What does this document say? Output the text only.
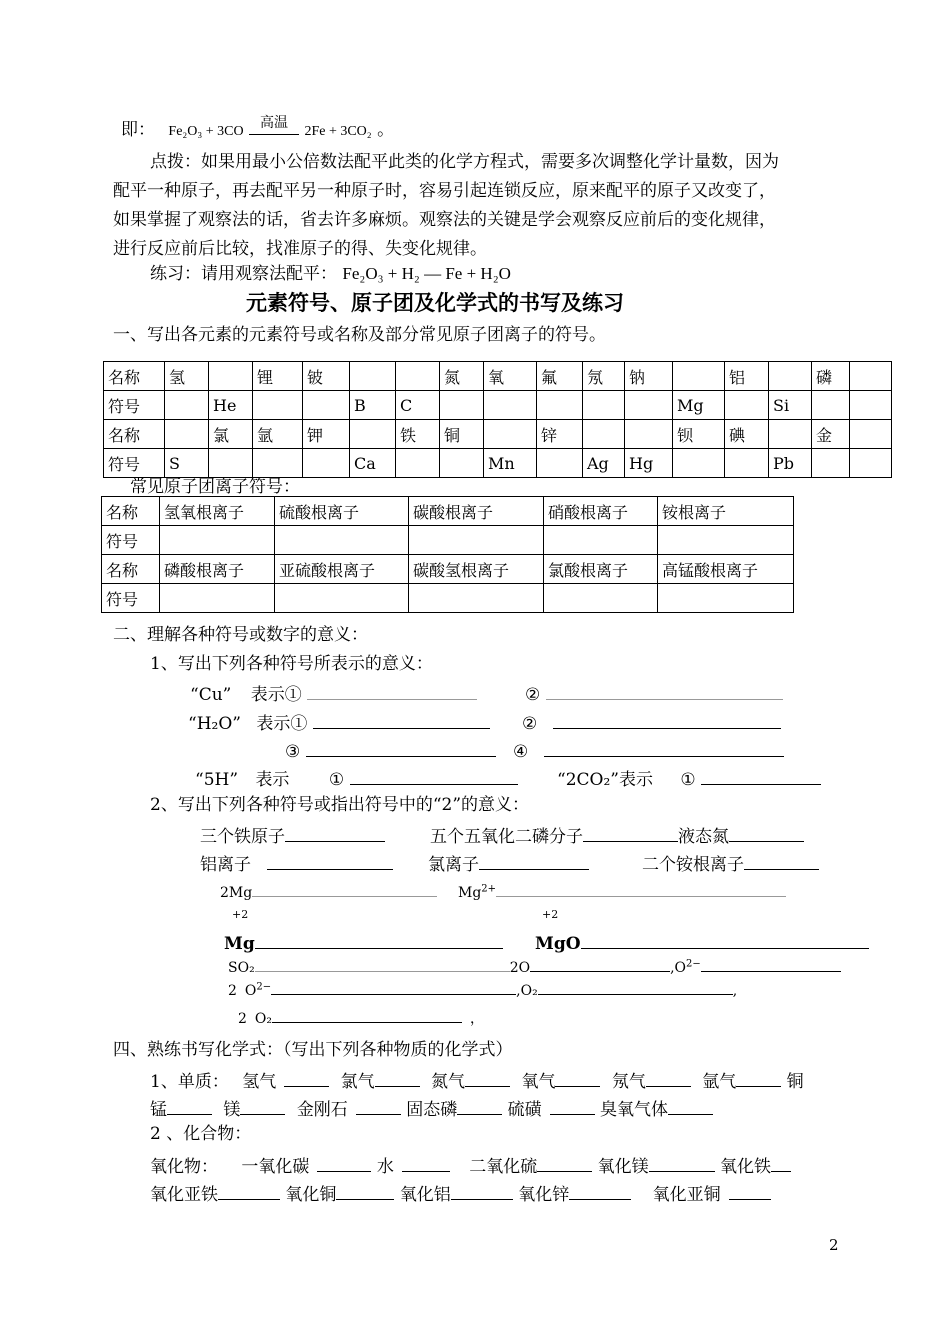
即： Fe₂O₃ + 3CO $^{高温}$
2Fe + 3CO₂ 。
点拨：如果用最小公倍数法配平此类的化学方程式，需要多次调整化学计量数，因为
配平一种原子，再去配平另一种原子时，容易引起连锁反应，原来配平的原子又改变了，
如果掌握了观察法的话，省去许多麻烦。观察法的关键是学会观察反应前后的变化规律，
进行反应前后比较，找准原子的得、失变化规律。
练习：请用观察法配平： Fe₂O₃ + H₂ — Fe + H₂O
元素符号、原子团及化学式的书写及练习
一、写出各元素的元素符号或名称及部分常见原子团离子的符号。
名称	氢		锂	铍			氮	氧	氟	氖	钠		铝		磷	
符号		He			B	C						Mg		Si		
名称		氯	氩	钾		铁	铜		锌			钡	碘		金	
符号	S				Ca			Mn		Ag	Hg			Pb		
常见原子团离子符号：
名称	氢氧根离子	硫酸根离子	碳酸根离子	硝酸根离子	铵根离子
符号					
名称	磷酸根离子	亚硫酸根离子	碳酸氢根离子	氯酸根离子	高锰酸根离子
符号					
二、理解各种符号或数字的意义：
1、写出下列各种符号所表示的意义：
“Cu” 表示①	②
“H₂O” 表示①	②
③	④
“5H” 表示 ①	“2CO₂”表示 ①
2、写出下列各种符号或指出符号中的“2”的意义：
三个铁原子	五个五氧化二磷分子	液态氮
铝离子	氯离子	二个铵根离子
2Mg	$Mg^{2+}$
+2	+2
Mg	MgO
SO₂	2O	$,O^{2-}$
2 $O^{2-}$	,O₂	,
2 O₂	，
四、熟练书写化学式：（写出下列各种物质的化学式）
1、单质： 氢气	氯气	氮气	氧气	氖气	氩气	铜
锰	镁	金刚石	固态磷	硫磺	臭氧气体
2 、化合物：
氧化物： 一氧化碳	水	二氧化硫	氧化镁	氧化铁
氧化亚铁	氧化铜	氧化铝	氧化锌	氧化亚铜
2
